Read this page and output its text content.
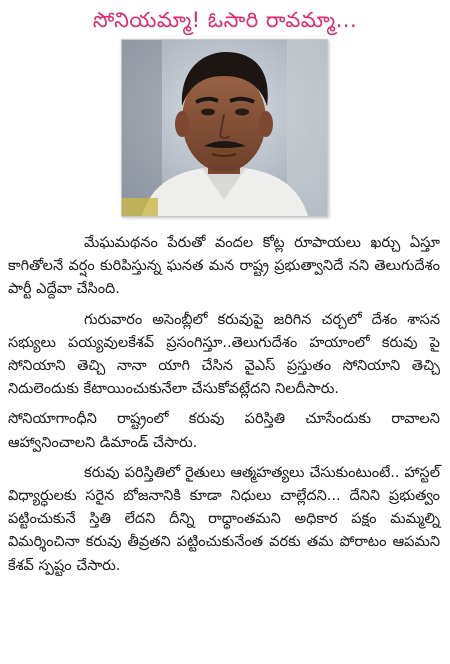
సోనియమ్మా! ఓసారి రావమ్మా...

మేఘమథనం పేరుతో వందల కోట్ల రూపాయలు ఖర్చు ఏస్తూ కాగితోలనే వర్షం కురిపిస్తున్న ఘనత మన రాష్ట్ర ప్రభుత్వానిదే నని తెలుగుదేశం పార్టీ ఎద్దేవా చేసింది.

గురువారం అసెంబ్లీలో కరువుపై జరిగిన చర్చలో దేశం శాసన సభ్యులు పయ్యవులకేశవ్ ప్రసంగిస్తూ..తెలుగుదేశం హయాంలో కరువు పై సోనియాని తెచ్చి నానా యాగి చేసిన వైఎస్ ప్రస్తుతం సోనియాని తెచ్చి నిదులెందుకు కేటాయించుకునేలా చేసుకోవట్లేదని నిలదీసారు.

సోనియాగాంధీని రాష్ట్రంలో కరువు పరిస్తితి చూసేందుకు రావాలని ఆహ్వానించాలని డిమాండ్ చేసారు.

కరువు పరిస్తితిలో రైతులు ఆత్మహత్యలు చేసుకుంటుంటే.. హాస్టల్ విధ్యార్ధులకు సరైన బోజనానికి కూడా నిధులు చాల్లేదని... దేనిని ప్రభుత్వం పట్టించుకునే స్తితి లేదని దీన్ని రాధ్ధాంతమని అధికార పక్షం మమ్మల్ని విమర్శించినా కరువు తీవ్రతని పట్టించుకునేంత వరకు తమ పోరాటం ఆపమని కేశవ్ స్పష్టం చేసారు.
